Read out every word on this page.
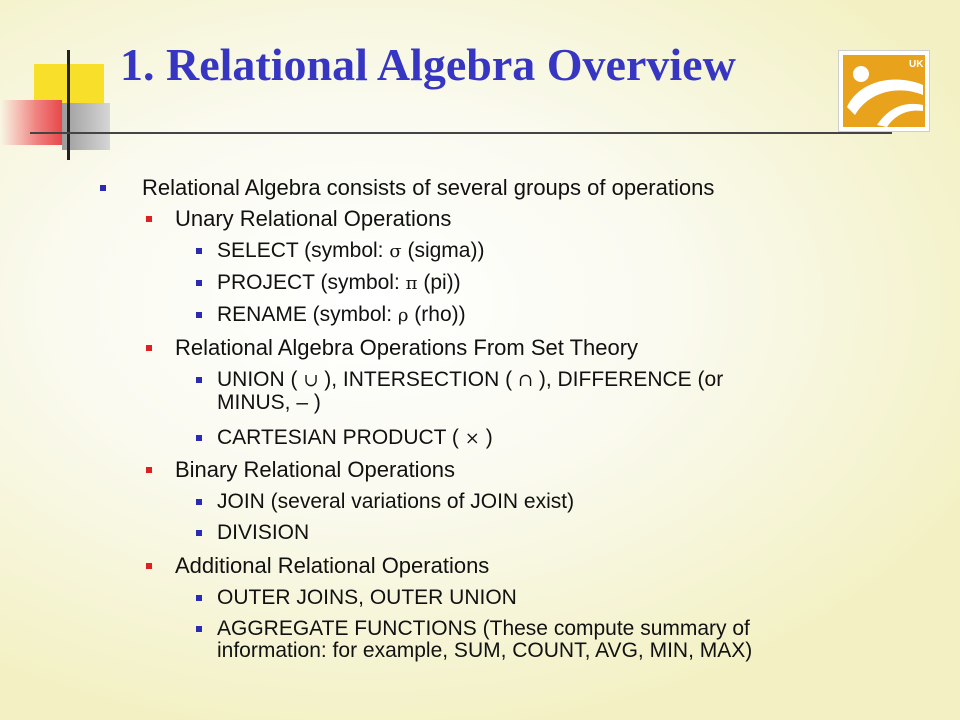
1. Relational Algebra Overview	UK
Relational Algebra consists of several groups of operations
Unary Relational Operations
SELECT (symbol: σ (sigma))
PROJECT (symbol: π (pi))
RENAME (symbol: ρ (rho))
Relational Algebra Operations From Set Theory
UNION ( ∪ ), INTERSECTION ( ∩ ), DIFFERENCE (or
MINUS, – )
CARTESIAN PRODUCT ( × )
Binary Relational Operations
JOIN (several variations of JOIN exist)
DIVISION
Additional Relational Operations
OUTER JOINS, OUTER UNION
AGGREGATE FUNCTIONS (These compute summary of
information: for example, SUM, COUNT, AVG, MIN, MAX)
